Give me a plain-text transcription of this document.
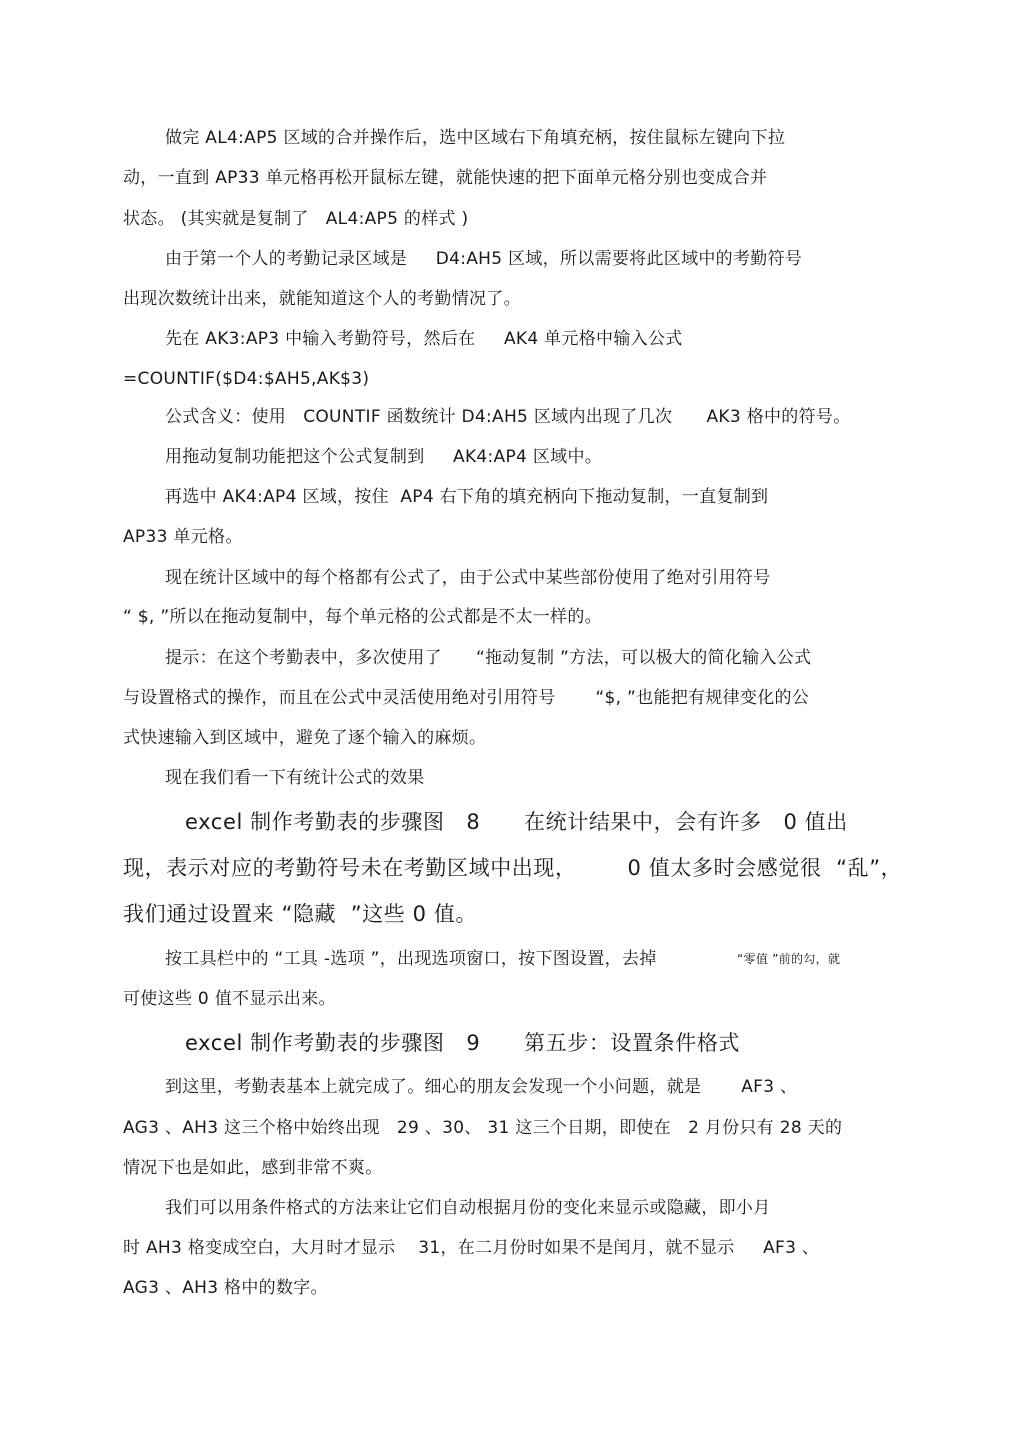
做完 AL4:AP5 区域的合并操作后，选中区域右下角填充柄，按住鼠标左键向下拉
动，一直到 AP33 单元格再松开鼠标左键，就能快速的把下面单元格分别也变成合并
状态。 (其实就是复制了   AL4:AP5 的样式 )
由于第一个人的考勤记录区域是     D4:AH5 区域，所以需要将此区域中的考勤符号
出现次数统计出来，就能知道这个人的考勤情况了。
先在 AK3:AP3 中输入考勤符号，然后在     AK4 单元格中输入公式
=COUNTIF($D4:$AH5,AK$3)
公式含义：使用   COUNTIF 函数统计 D4:AH5 区域内出现了几次      AK3 格中的符号。
用拖动复制功能把这个公式复制到     AK4:AP4 区域中。
再选中 AK4:AP4 区域，按住  AP4 右下角的填充柄向下拖动复制，一直复制到
AP33 单元格。
现在统计区域中的每个格都有公式了，由于公式中某些部份使用了绝对引用符号
“ $, ”所以在拖动复制中，每个单元格的公式都是不太一样的。
提示：在这个考勤表中，多次使用了      “拖动复制 ”方法，可以极大的简化输入公式
与设置格式的操作，而且在公式中灵活使用绝对引用符号       “$, ”也能把有规律变化的公
式快速输入到区域中，避免了逐个输入的麻烦。
现在我们看一下有统计公式的效果
excel 制作考勤表的步骤图   8      在统计结果中，会有许多   0 值出
现，表示对应的考勤符号未在考勤区域中出现，       0 值太多时会感觉很  “乱”，
我们通过设置来 “隐藏  ”这些 0 值。
按工具栏中的 “工具 -选项 ”，出现选项窗口，按下图设置，去掉	“零值 ”前的勾，就
可使这些 0 值不显示出来。
excel 制作考勤表的步骤图   9      第五步：设置条件格式
到这里，考勤表基本上就完成了。细心的朋友会发现一个小问题，就是       AF3 、
AG3 、AH3 这三个格中始终出现   29 、30、 31 这三个日期，即使在   2 月份只有 28 天的
情况下也是如此，感到非常不爽。
我们可以用条件格式的方法来让它们自动根据月份的变化来显示或隐藏，即小月
时 AH3 格变成空白，大月时才显示    31，在二月份时如果不是闰月，就不显示     AF3 、
AG3 、AH3 格中的数字。
